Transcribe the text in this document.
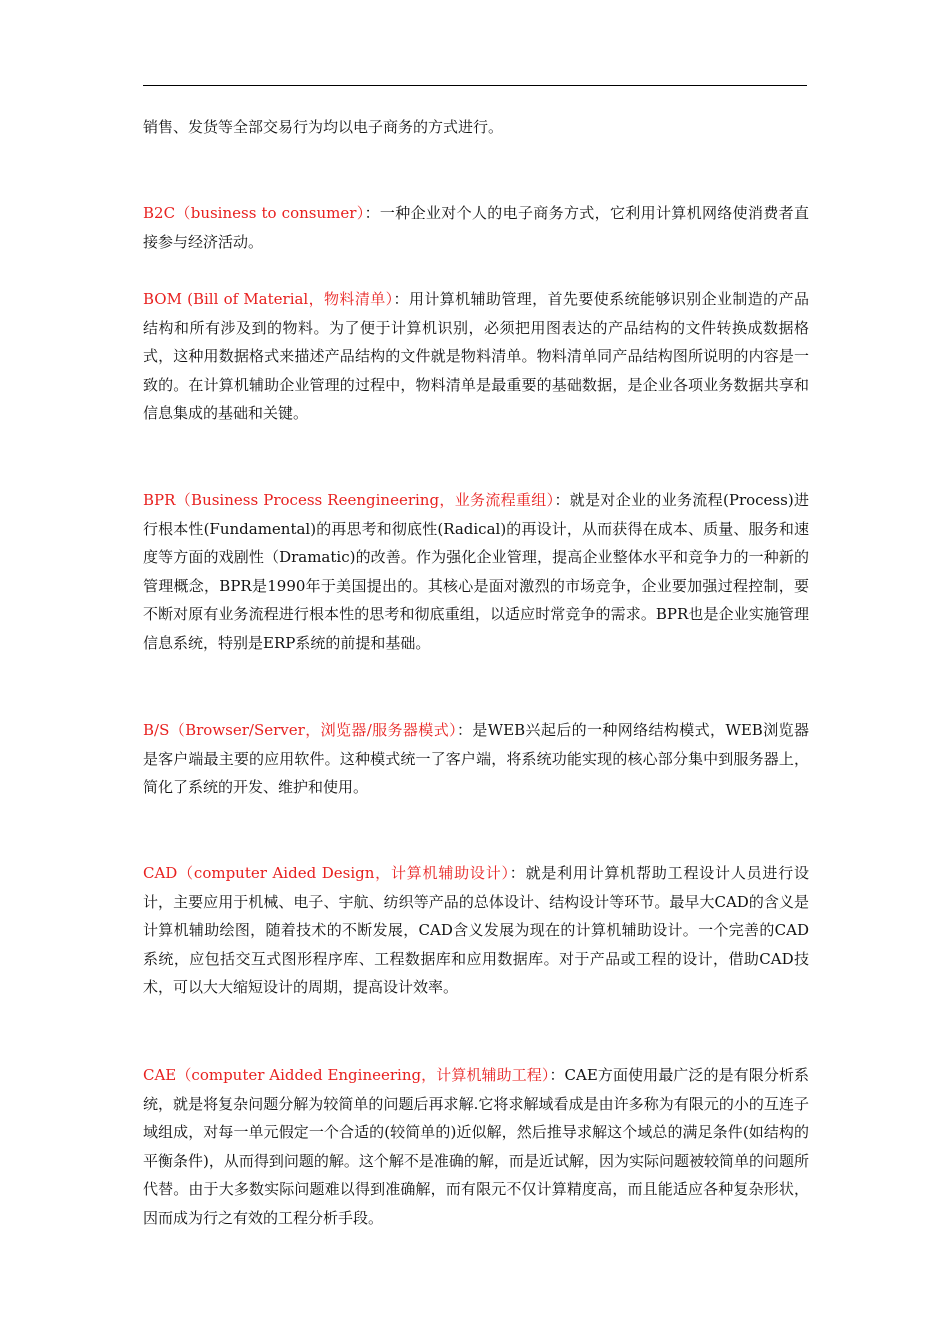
销售、发货等全部交易行为均以电子商务的方式进行。

B2C（business to consumer）：一种企业对个人的电子商务方式，它利用计算机网络使消费者直接参与经济活动。

BOM (Bill of Material，物料清单）：用计算机辅助管理，首先要使系统能够识别企业制造的产品结构和所有涉及到的物料。为了便于计算机识别，必须把用图表达的产品结构的文件转换成数据格式，这种用数据格式来描述产品结构的文件就是物料清单。物料清单同产品结构图所说明的内容是一致的。在计算机辅助企业管理的过程中，物料清单是最重要的基础数据，是企业各项业务数据共享和信息集成的基础和关键。

BPR（Business Process Reengineering，业务流程重组）：就是对企业的业务流程(Process)进行根本性(Fundamental)的再思考和彻底性(Radical)的再设计，从而获得在成本、质量、服务和速度等方面的戏剧性（Dramatic)的改善。作为强化企业管理，提高企业整体水平和竞争力的一种新的管理概念，BPR是1990年于美国提出的。其核心是面对激烈的市场竞争，企业要加强过程控制，要不断对原有业务流程进行根本性的思考和彻底重组，以适应时常竞争的需求。BPR也是企业实施管理信息系统，特别是ERP系统的前提和基础。

B/S（Browser/Server，浏览器/服务器模式）：是WEB兴起后的一种网络结构模式，WEB浏览器是客户端最主要的应用软件。这种模式统一了客户端，将系统功能实现的核心部分集中到服务器上，简化了系统的开发、维护和使用。

CAD（computer Aided Design，计算机辅助设计）：就是利用计算机帮助工程设计人员进行设计，主要应用于机械、电子、宇航、纺织等产品的总体设计、结构设计等环节。最早大CAD的含义是计算机辅助绘图，随着技术的不断发展，CAD含义发展为现在的计算机辅助设计。一个完善的CAD系统，应包括交互式图形程序库、工程数据库和应用数据库。对于产品或工程的设计，借助CAD技术，可以大大缩短设计的周期，提高设计效率。

CAE（computer Aidded Engineering，计算机辅助工程）：CAE方面使用最广泛的是有限分析系统，就是将复杂问题分解为较简单的问题后再求解.它将求解域看成是由许多称为有限元的小的互连子域组成，对每一单元假定一个合适的(较简单的)近似解，然后推导求解这个域总的满足条件(如结构的平衡条件)，从而得到问题的解。这个解不是准确的解，而是近试解，因为实际问题被较简单的问题所代替。由于大多数实际问题难以得到准确解，而有限元不仅计算精度高，而且能适应各种复杂形状，因而成为行之有效的工程分析手段。
